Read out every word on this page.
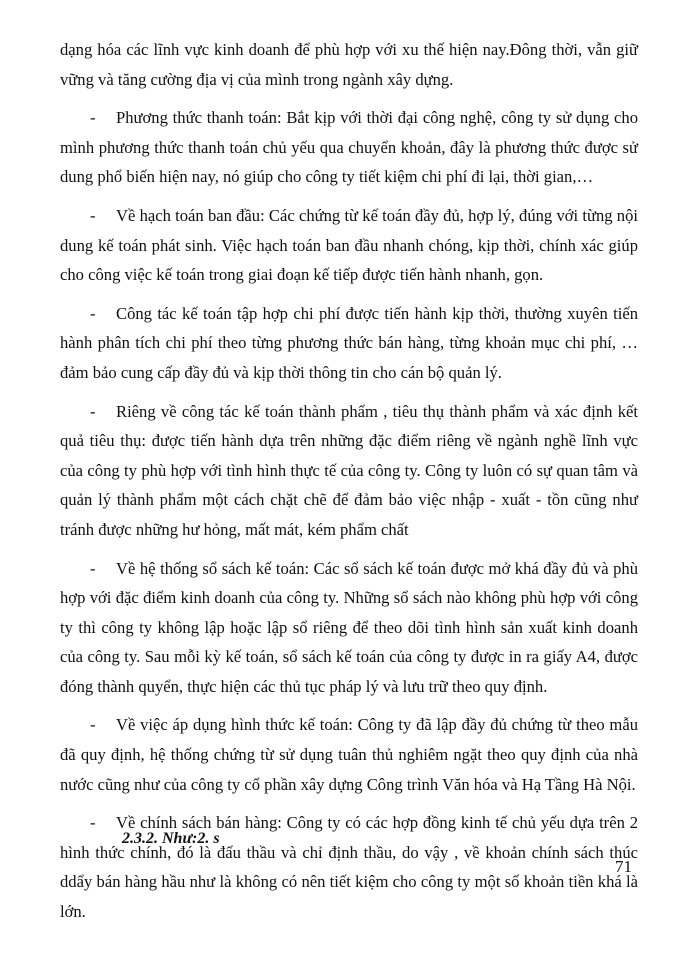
dạng hóa các lĩnh vực kinh doanh để phù hợp với xu thế hiện nay.Đông thời, vẫn giữ vững và tăng cường địa vị của mình trong ngành xây dựng.

- Phương thức thanh toán: Bắt kịp với thời đại công nghệ, công ty sử dụng cho mình phương thức thanh toán chủ yếu qua chuyển khoản, đây là phương thức được sử dung phổ biến hiện nay, nó giúp cho công ty tiết kiệm chi phí đi lại, thời gian,…

- Về hạch toán ban đầu: Các chứng từ kế toán đầy đủ, hợp lý, đúng với từng nội dung kế toán phát sinh. Việc hạch toán ban đầu nhanh chóng, kịp thời, chính xác giúp cho công việc kế toán trong giai đoạn kế tiếp được tiến hành nhanh, gọn.

- Công tác kế toán tập hợp chi phí được tiến hành kịp thời, thường xuyên tiến hành phân tích chi phí theo từng phương thức bán hàng, từng khoản mục chi phí, …đảm bảo cung cấp đầy đủ và kịp thời thông tin cho cán bộ quản lý.

- Riêng về công tác kế toán thành phẩm , tiêu thụ thành phẩm và xác định kết quả tiêu thụ: được tiến hành dựa trên những đặc điểm riêng về ngành nghề lĩnh vực của công ty phù hợp với tình hình thực tế của công ty. Công ty luôn có sự quan tâm và quản lý thành phẩm một cách chặt chẽ để đảm bảo việc nhập - xuất - tồn cũng như tránh được những hư hỏng, mất mát, kém phẩm chất

- Về hệ thống sổ sách kế toán: Các sổ sách kế toán được mở khá đầy đủ và phù hợp với đặc điểm kinh doanh của công ty. Những sổ sách nào không phù hợp với công ty thì công ty không lập hoặc lập sổ riêng để theo dõi tình hình sản xuất kinh doanh của công ty. Sau mỗi kỳ kế toán, sổ sách kế toán của công ty được in ra giấy A4, được đóng thành quyển, thực hiện các thủ tục pháp lý và lưu trữ theo quy định.

- Về việc áp dụng hình thức kế toán: Công ty đã lập đầy đủ chứng từ theo mẫu đã quy định, hệ thống chứng từ sử dụng tuân thủ nghiêm ngặt theo quy định của nhà nước cũng như của công ty cổ phần xây dựng Công trình Văn hóa và Hạ Tầng Hà Nội.

- Về chính sách bán hàng: Công ty có các hợp đồng kinh tế chủ yếu dựa trên 2 hình thức chính, đó là đấu thầu và chỉ định thầu, do vậy , về khoản chính sách thúc ddẩy bán hàng hầu như là không có nên tiết kiệm cho công ty một số khoản tiền khá là lớn.

2.3.2. Như:2. s
71
